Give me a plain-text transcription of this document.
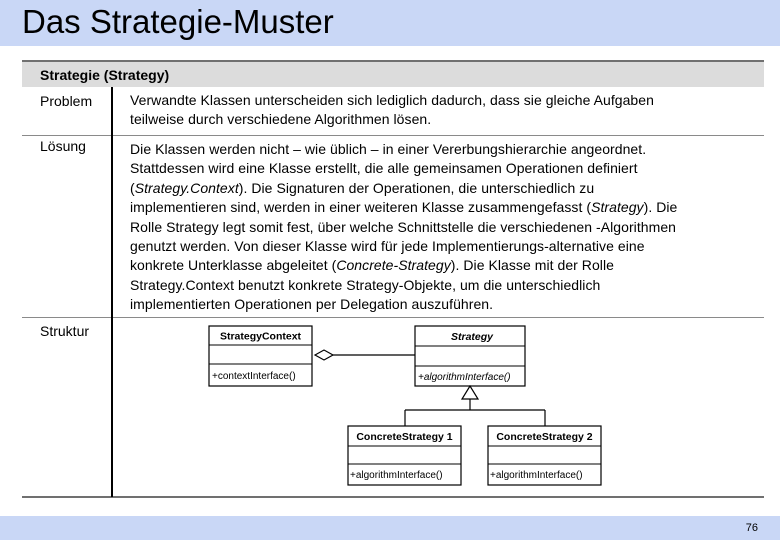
Das Strategie-Muster
Strategie (Strategy)
Problem	Verwandte Klassen unterscheiden sich lediglich dadurch, dass sie gleiche Aufgaben

teilweise durch verschiedene Algorithmen lösen.

Lösung	Die Klassen werden nicht – wie üblich – in einer Vererbungshierarchie angeordnet.

Stattdessen wird eine Klasse erstellt, die alle gemeinsamen Operationen definiert

(Strategy.Context). Die Signaturen der Operationen, die unterschiedlich zu

implementieren sind, werden in einer weiteren Klasse zusammengefasst (Strategy). Die

Rolle Strategy legt somit fest, über welche Schnittstelle die verschiedenen -Algorithmen

genutzt werden. Von dieser Klasse wird für jede Implementierungs-alternative eine

konkrete Unterklasse abgeleitet (Concrete-Strategy). Die Klasse mit der Rolle

Strategy.Context benutzt konkrete Strategy-Objekte, um die unterschiedlich

implementierten Operationen per Delegation auszuführen.

Struktur	StrategyContext
+contextInterface()
Strategy
+algorithmInterface()
ConcreteStrategy 1
+algorithmInterface()
ConcreteStrategy 2
+algorithmInterface()
76
